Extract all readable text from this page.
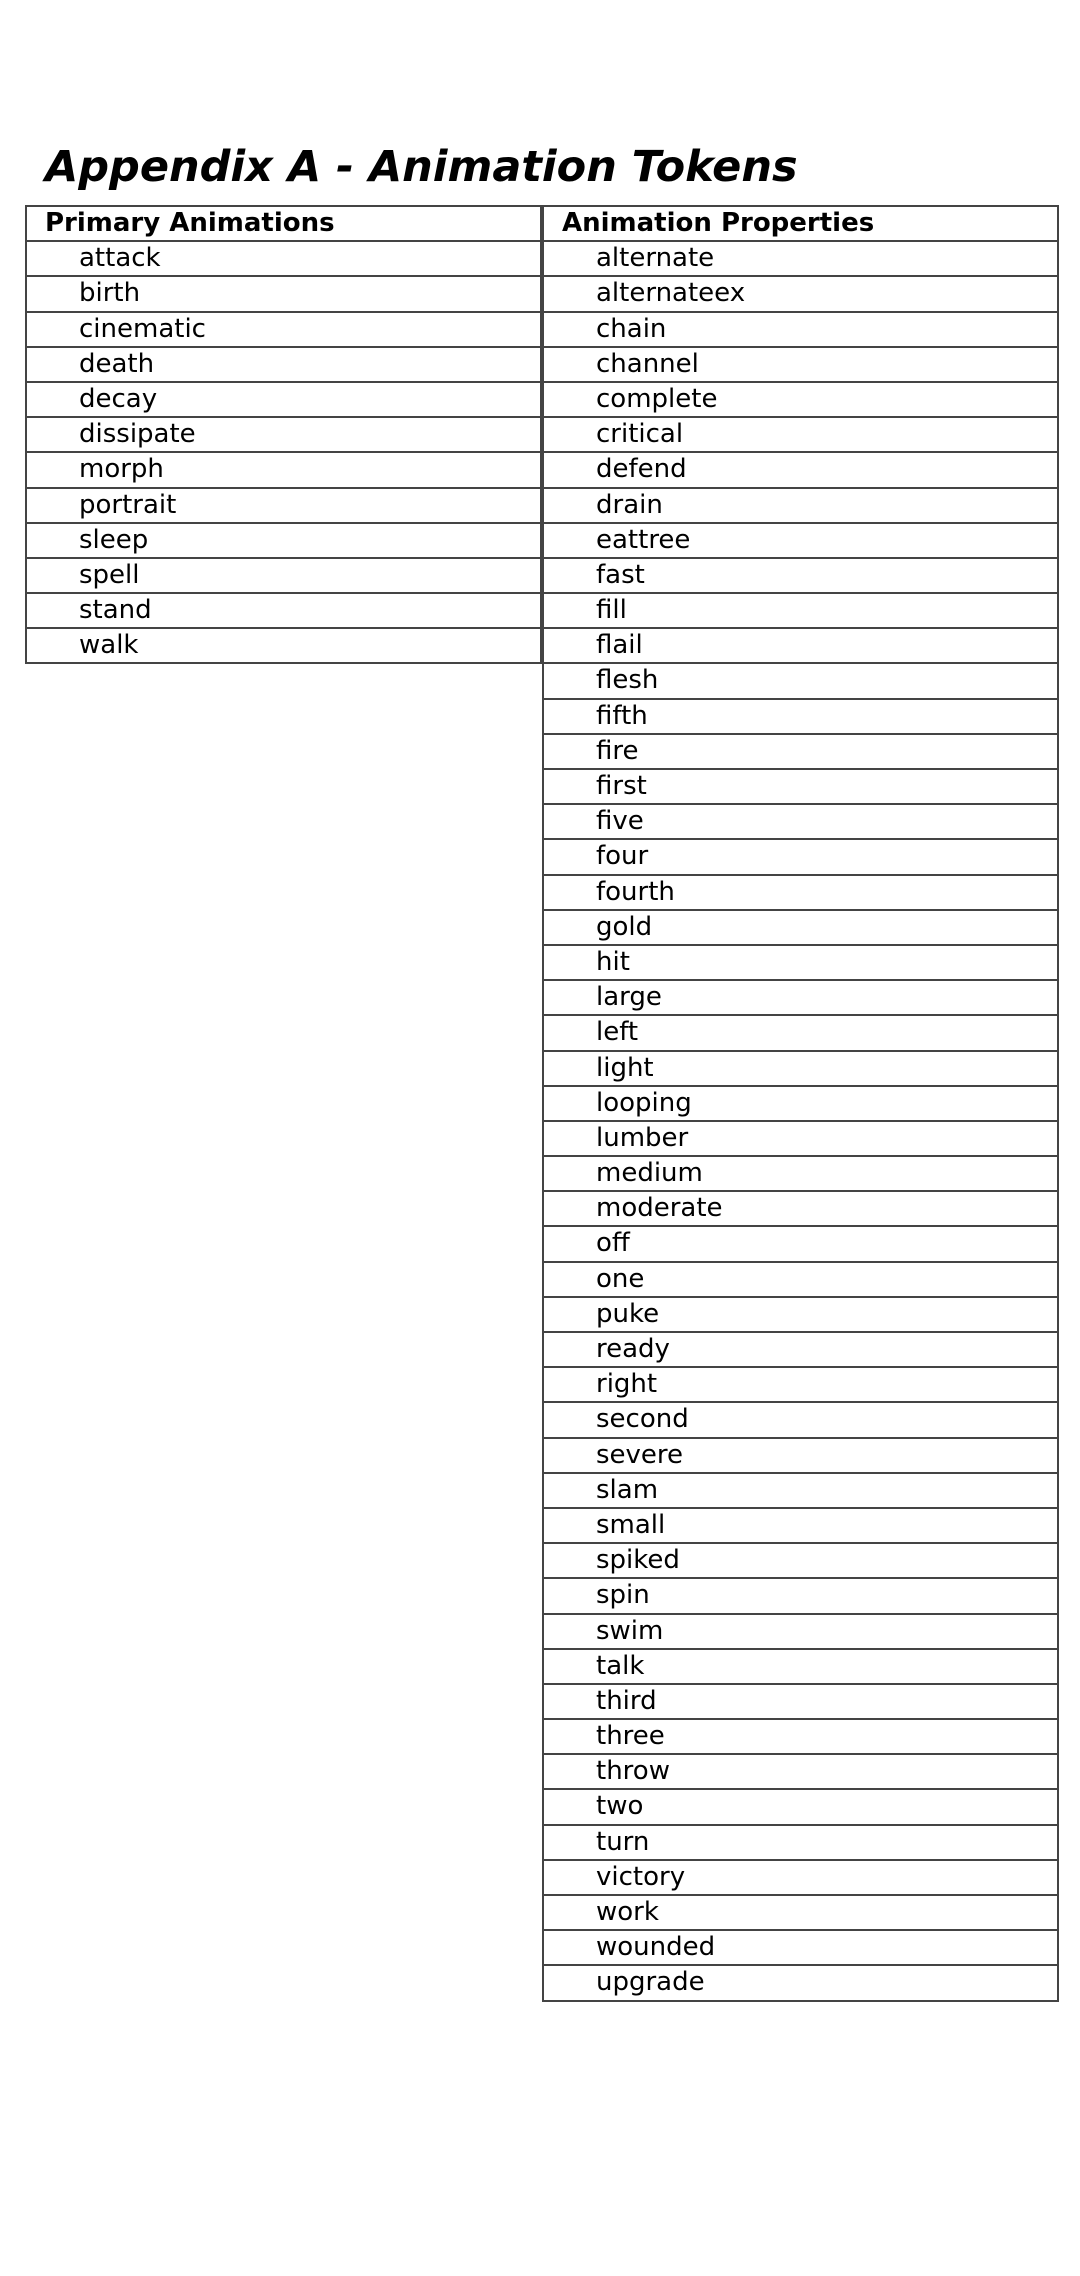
Appendix A - Animation Tokens
Primary Animations
attack
birth
cinematic
death
decay
dissipate
morph
portrait
sleep
spell
stand
walk
Animation Properties
alternate
alternateex
chain
channel
complete
critical
defend
drain
eattree
fast
fill
flail
flesh
fifth
fire
first
five
four
fourth
gold
hit
large
left
light
looping
lumber
medium
moderate
off
one
puke
ready
right
second
severe
slam
small
spiked
spin
swim
talk
third
three
throw
two
turn
victory
work
wounded
upgrade
